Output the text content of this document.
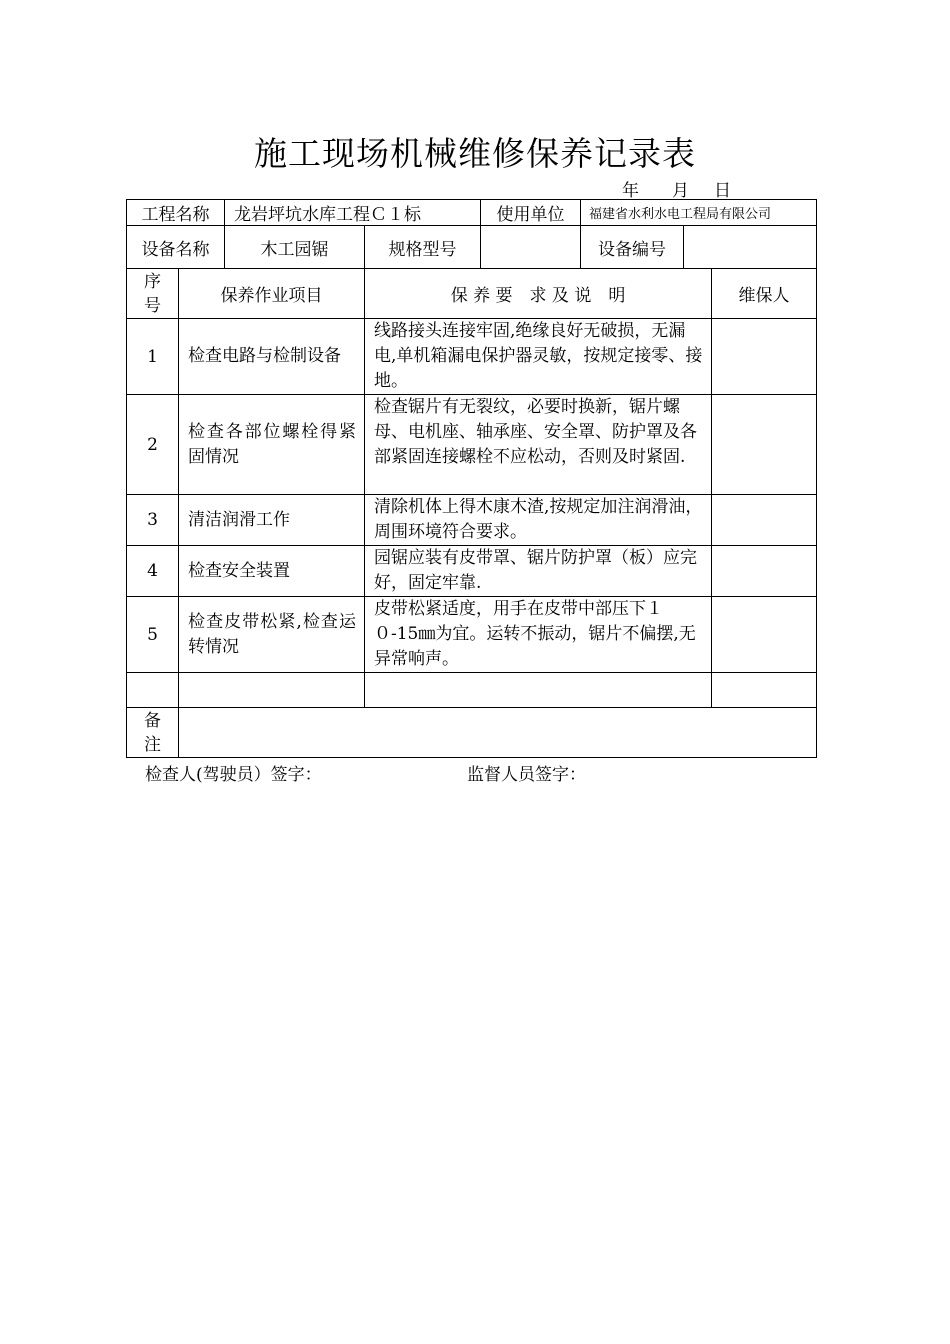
施工现场机械维修保养记录表
年 月 日
工程名称		龙岩坪坑水库工程Ｃ１标		使用单位	福建省水利水电工程局有限公司		
设备名称		木工园锯	规格型号		设备编号		

序
号	保养作业项目		保 养 要　求 及 说　明				维保人
1	检查电路与检制设备		线路接头连接牢固,绝缘良好无破损，无漏电,单机箱漏电保护器灵敏，按规定接零、接地。				
2	检查各部位螺栓得紧固情况		检查锯片有无裂纹，必要时换新，锯片螺母、电机座、轴承座、安全罩、防护罩及各部紧固连接螺栓不应松动，否则及时紧固.				
3	清洁润滑工作		清除机体上得木康木渣,按规定加注润滑油，周围环境符合要求。				
4	检查安全装置		园锯应装有皮带罩、锯片防护罩（板）应完好，固定牢靠.				
5	检查皮带松紧,检查运转情况		皮带松紧适度，用手在皮带中部压下１０-15㎜为宜。运转不振动，锯片不偏摆,无异常响声。				

备
注							

检查人(驾驶员）签字：	监督人员签字：
